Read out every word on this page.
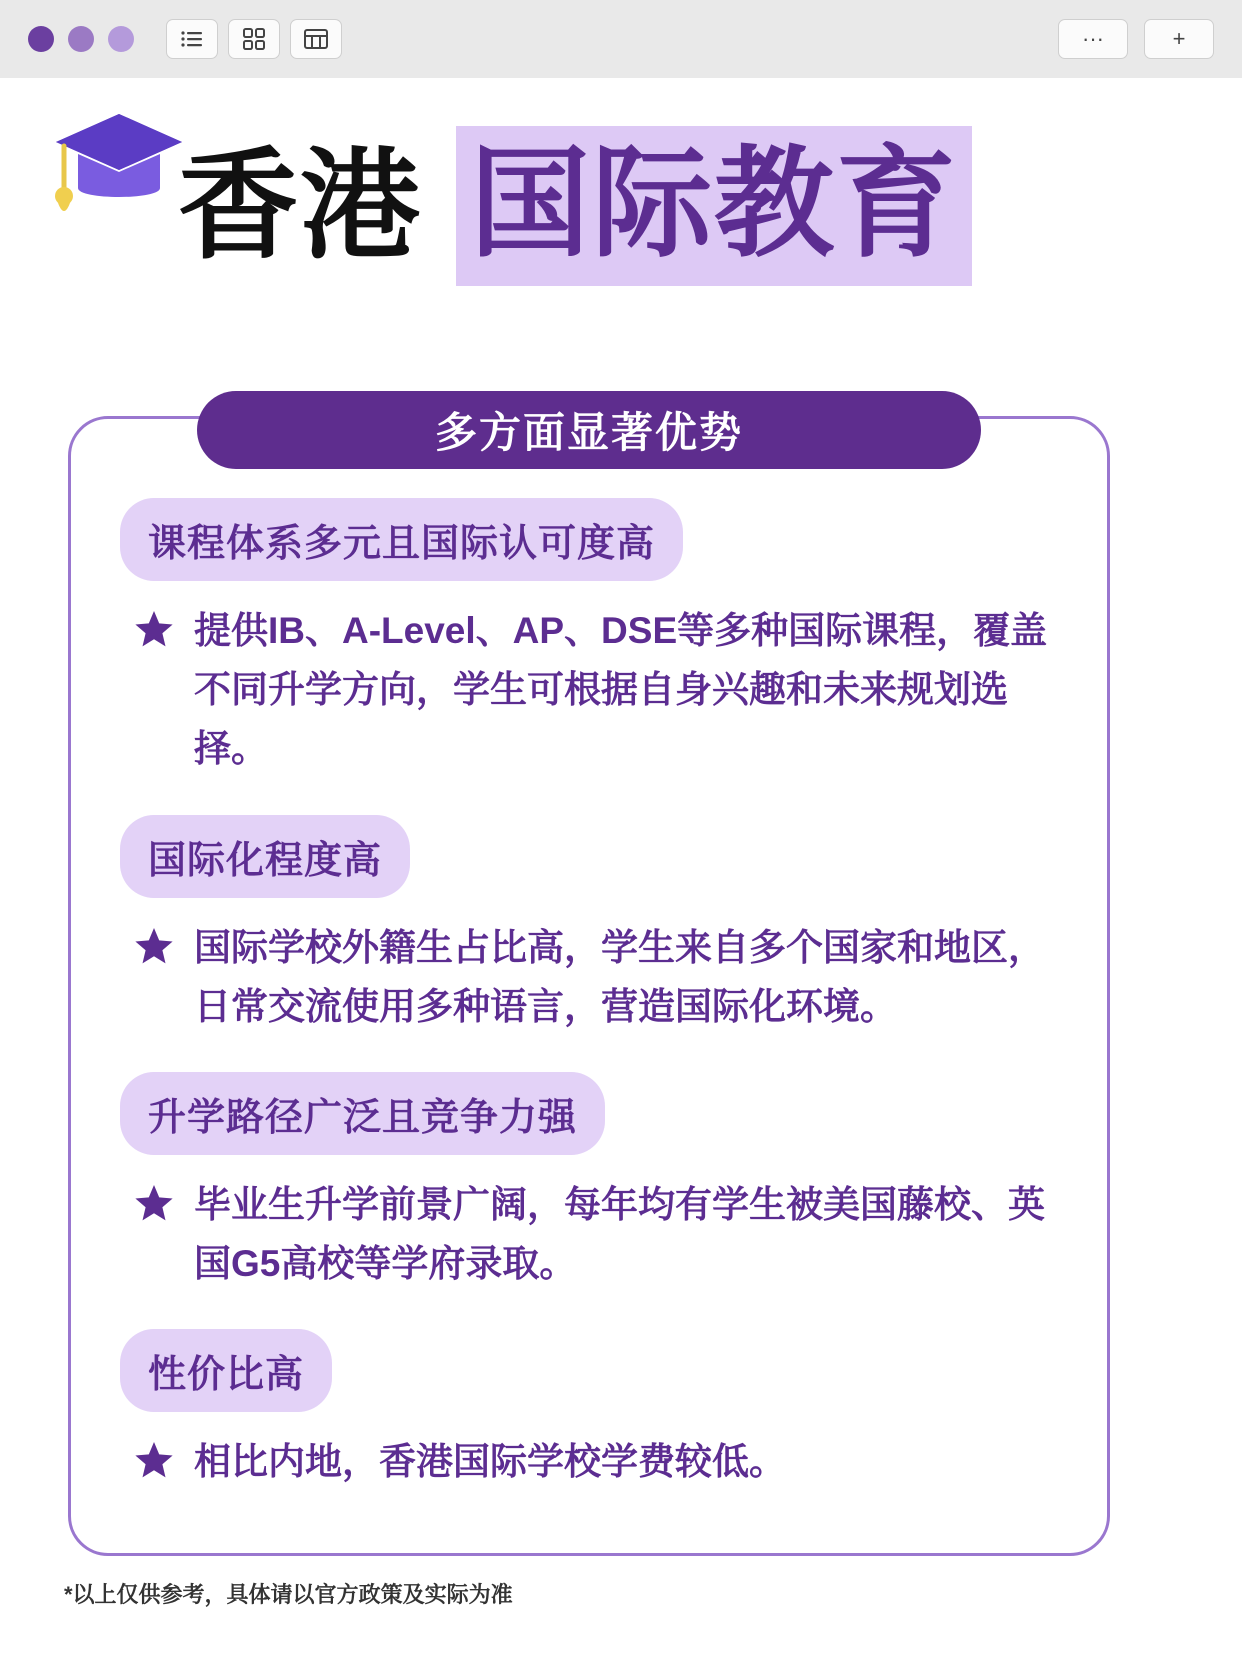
···	+
香港 国际教育
多方面显著优势
课程体系多元且国际认可度高
提供IB、A-Level、AP、DSE等多种国际课程，覆盖不同升学方向，学生可根据自身兴趣和未来规划选择。
国际化程度高
国际学校外籍生占比高，学生来自多个国家和地区，日常交流使用多种语言，营造国际化环境。
升学路径广泛且竞争力强
毕业生升学前景广阔，每年均有学生被美国藤校、英国G5高校等学府录取。
性价比高
相比内地，香港国际学校学费较低。
*以上仅供参考，具体请以官方政策及实际为准
